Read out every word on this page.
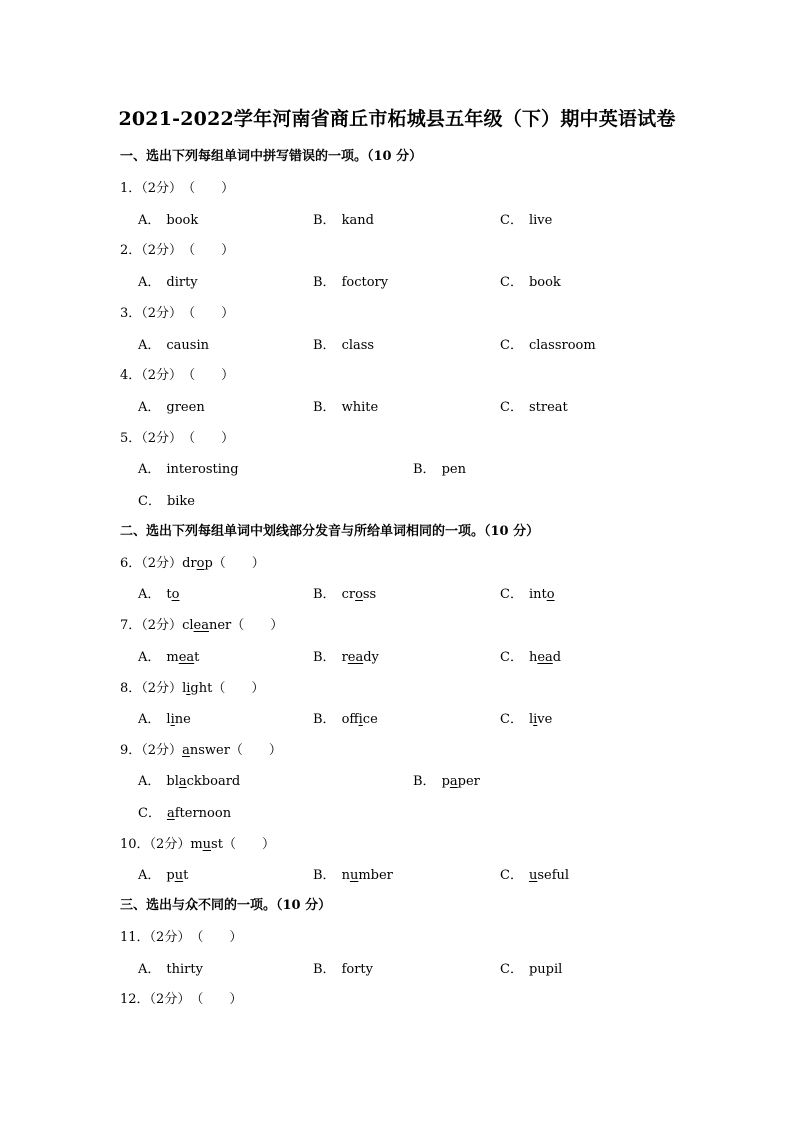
2021-2022学年河南省商丘市柘城县五年级（下）期中英语试卷
一、选出下列每组单词中拼写错误的一项。（10 分）
1．（2分）（　　）
A． book	B． kand	C． live
2．（2分）（　　）
A． dirty	B． foctory	C． book
3．（2分）（　　）
A． causin	B． class	C． classroom
4．（2分）（　　）
A． green	B． white	C． streat
5．（2分）（　　）
A． interosting	B． pen
C． bike
二、选出下列每组单词中划线部分发音与所给单词相同的一项。（10 分）
6．（2分）drop（　　）
A． to	B． cross	C． into
7．（2分）cleaner（　　）
A． meat	B． ready	C． head
8．（2分）light（　　）
A． line	B． office	C． live
9．（2分）answer（　　）
A． blackboard	B． paper
C． afternoon
10．（2分）must（　　）
A． put	B． number	C． useful
三、选出与众不同的一项。（10 分）
11．（2分）（　　）
A． thirty	B． forty	C． pupil
12．（2分）（　　）
